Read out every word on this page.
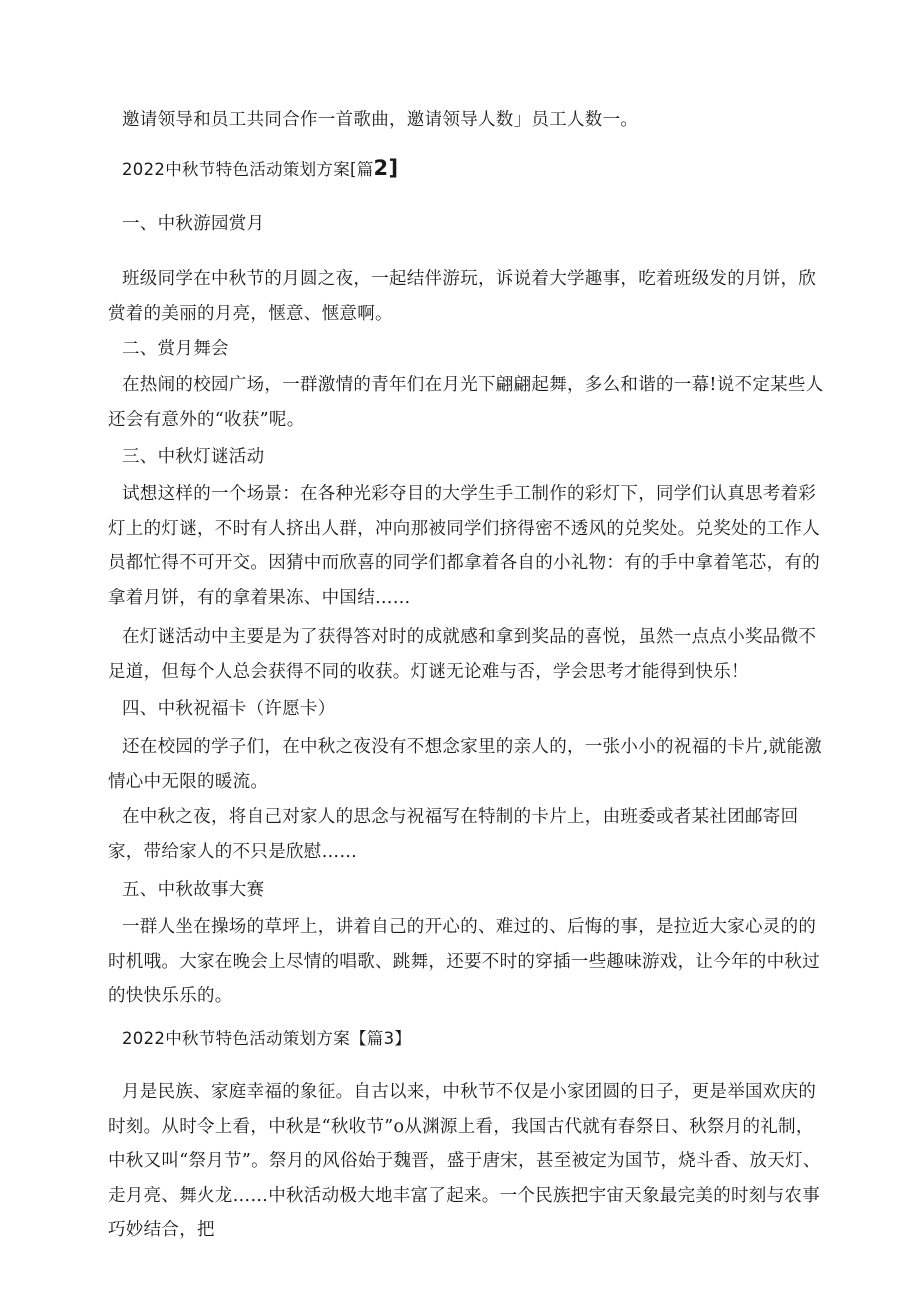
邀请领导和员工共同合作一首歌曲，邀请领导人数」员工人数一。
2022中秋节特色活动策划方案[篇2]
一、中秋游园赏月
班级同学在中秋节的月圆之夜，一起结伴游玩，诉说着大学趣事，吃着班级发的月饼，欣赏着的美丽的月亮，惬意、惬意啊。
二、赏月舞会
在热闹的校园广场，一群激情的青年们在月光下翩翩起舞，多么和谐的一幕!说不定某些人还会有意外的“收获”呢。
三、中秋灯谜活动
试想这样的一个场景：在各种光彩夺目的大学生手工制作的彩灯下，同学们认真思考着彩灯上的灯谜，不时有人挤出人群，冲向那被同学们挤得密不透风的兑奖处。兑奖处的工作人员都忙得不可开交。因猜中而欣喜的同学们都拿着各自的小礼物：有的手中拿着笔芯，有的拿着月饼，有的拿着果冻、中国结……
在灯谜活动中主要是为了获得答对时的成就感和拿到奖品的喜悦，虽然一点点小奖品微不足道，但每个人总会获得不同的收获。灯谜无论难与否，学会思考才能得到快乐！
四、中秋祝福卡（许愿卡）
还在校园的学子们，在中秋之夜没有不想念家里的亲人的，一张小小的祝福的卡片,就能激情心中无限的暖流。
在中秋之夜，将自己对家人的思念与祝福写在特制的卡片上，由班委或者某社团邮寄回家，带给家人的不只是欣慰……
五、中秋故事大赛
一群人坐在操场的草坪上，讲着自己的开心的、难过的、后悔的事，是拉近大家心灵的的时机哦。大家在晚会上尽情的唱歌、跳舞，还要不时的穿插一些趣味游戏，让今年的中秋过的快快乐乐的。
2022中秋节特色活动策划方案【篇3】
月是民族、家庭幸福的象征。自古以来，中秋节不仅是小家团圆的日子，更是举国欢庆的时刻。从时令上看，中秋是“秋收节”o从渊源上看，我国古代就有春祭日、秋祭月的礼制，中秋又叫“祭月节”。祭月的风俗始于魏晋，盛于唐宋，甚至被定为国节，烧斗香、放天灯、走月亮、舞火龙……中秋活动极大地丰富了起来。一个民族把宇宙天象最完美的时刻与农事巧妙结合，把
